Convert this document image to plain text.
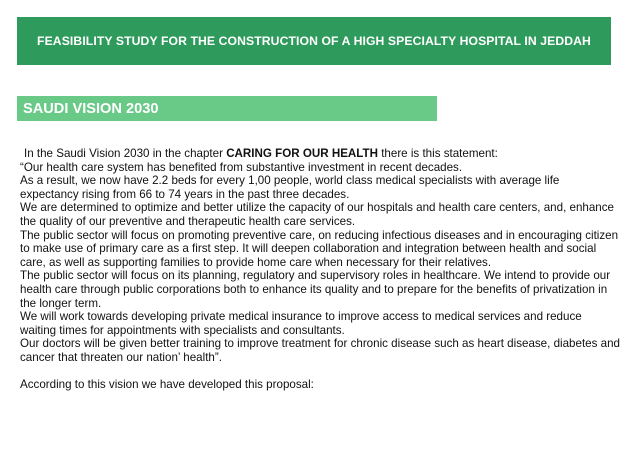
FEASIBILITY STUDY FOR THE CONSTRUCTION OF A HIGH SPECIALTY HOSPITAL IN JEDDAH
SAUDI VISION 2030

In the Saudi Vision 2030 in the chapter CARING FOR OUR HEALTH there is this statement:

“Our health care system has benefited from substantive investment in recent decades.

As a result, we now have 2.2 beds for every 1,00 people, world class medical specialists with average life expectancy rising from 66 to 74 years in the past three decades.

We are determined to optimize and better utilize the capacity of our hospitals and health care centers, and, enhance the quality of our preventive and therapeutic health care services.

The public sector will focus on promoting preventive care, on reducing infectious diseases and in encouraging citizen to make use of primary care as a first step. It will deepen collaboration and integration between health and social care, as well as supporting families to provide home care when necessary for their relatives.

The public sector will focus on its planning, regulatory and supervisory roles in healthcare. We intend to provide our health care through public corporations both to enhance its quality and to prepare for the benefits of privatization in the longer term.

We will work towards developing private medical insurance to improve access to medical services and reduce waiting times for appointments with specialists and consultants.

Our doctors will be given better training to improve treatment for chronic disease such as heart disease, diabetes and cancer that threaten our nation’ health”.

According to this vision we have developed this proposal:
